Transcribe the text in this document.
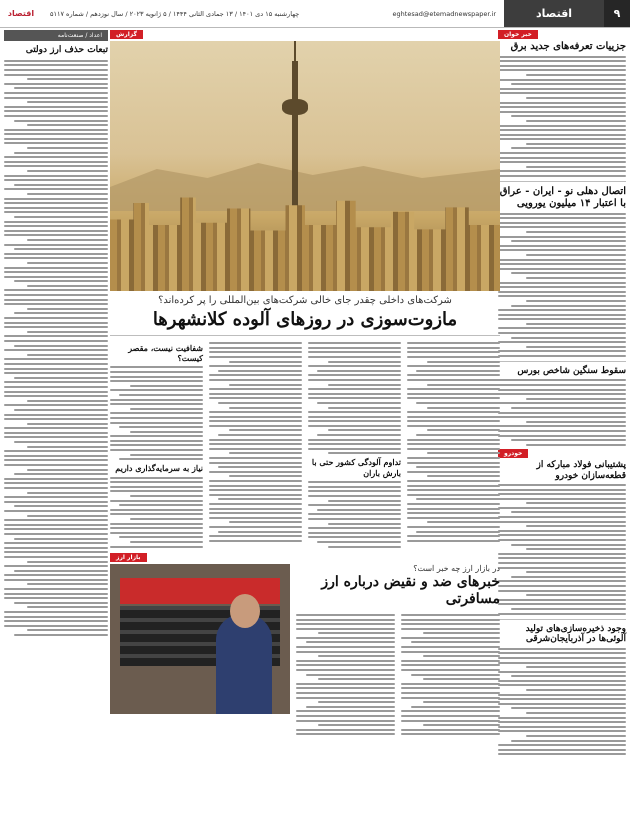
۹
اقتصاد
eghtesad@etemadnewspaper.ir
چهارشنبه ۱۵ دی ۱۴۰۱ / ۱۳ جمادی الثانی ۱۴۴۴ / ۵ ژانویه ۲۰۲۳ / سال نوزدهم / شماره ۵۱۱۷
اقتصاد
خبر خوان
جزییات تعرفه‌های جدید برق
اتصال دهلی نو - ایران - عراق با اعتبار ۱۴ میلیون یورویی
سقوط سنگین شاخص بورس
خودرو
پشتیبانی فولاد مبارکه از قطعه‌سازان خودرو
وجود ذخیره‌سازی‌های تولید آلوئی‌ها در آذربایجان‌شرقی
گزارش
شرکت‌های داخلی چقدر جای خالی شرکت‌های بین‌المللی را پر کرده‌اند؟
مازوت‌سوزی در روزهای آلوده کلانشهرها
تداوم آلودگی کشور حتی با بارش باران
شفافیت نیست، مقصر کیست؟
نیاز به سرمایه‌گذاری داریم
بازار ارز
در بازار ارز چه خبر است؟
خبرهای ضد و نقیض درباره ارز مسافرتی
اعداد / صنعت‌نامه
تبعات حذف ارز دولتی
